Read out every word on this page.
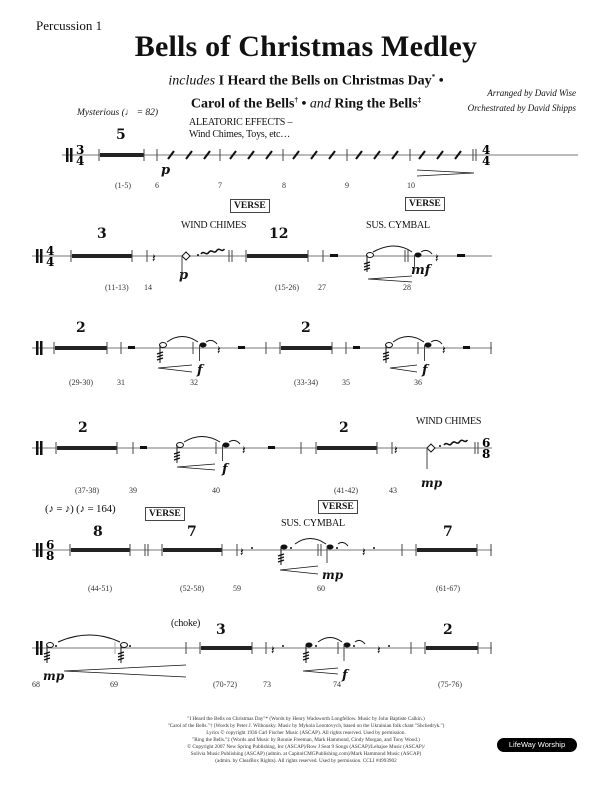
Percussion 1
Bells of Christmas Medley
includes I Heard the Bells on Christmas Day* •
Carol of the Bells† • and Ring the Bells‡
Arranged by David Wise
Orchestrated by David Shipps
Mysterious (♩ = 82)
ALEATORIC EFFECTS –
Wind Chimes, Toys, etc…
5
p
3
4
4
4
(1-5)	6	7	8	9	10
VERSE	VERSE
WIND CHIMES	SUS. CYMBAL
3	12
p	mf
4
4	𝄽	𝄽
(11-13) 14	(15-26) 27	28
2	2
f	f
𝄽	𝄽
(29-30)	31	32	(33-34)	35	36
2	2	WIND CHIMES
f
mp
𝄽	𝄽	6
8
(37-38)	39	40	(41-42)	43
(♪ = ♪) (♪ = 164)	VERSE
VERSE
SUS. CYMBAL
8	7	7
mp
6
8	𝄽	𝄽
(44-51)	(52-58)	59	60	(61-67)
(choke) 3	2
mp	f
𝄽	𝄽
68	69	(70-72)	73	74	(75-76)
"I Heard the Bells on Christmas Day"* (Words by Henry Wadsworth Longfellow. Music by John Baptiste Calkin.)
"Carol of the Bells."† (Words by Peter J. Wilhousky. Music by Mykola Leontovych, based on the Ukrainian folk chant "Shchedryk.")
Lyrics © copyright 1936 Carl Fischer Music (ASCAP). All rights reserved. Used by permission.
"Ring the Bells."‡ (Words and Music by Ronnie Freeman, Mark Hammond, Cindy Morgan, and Tony Wood.)
© Copyright 2007 New Spring Publishing, Inc (ASCAP)/Row J Seat 9 Songs (ASCAP)/Lehajoe Music (ASCAP)/
Solivia Music Publishing (ASCAP) (admin. at CapitolCMGPublishing.com)/Mark Hammond Music (ASCAP)
(admin. by ClearBox Rights). All rights reserved. Used by permission. CCLI #4993902
LifeWay Worship
